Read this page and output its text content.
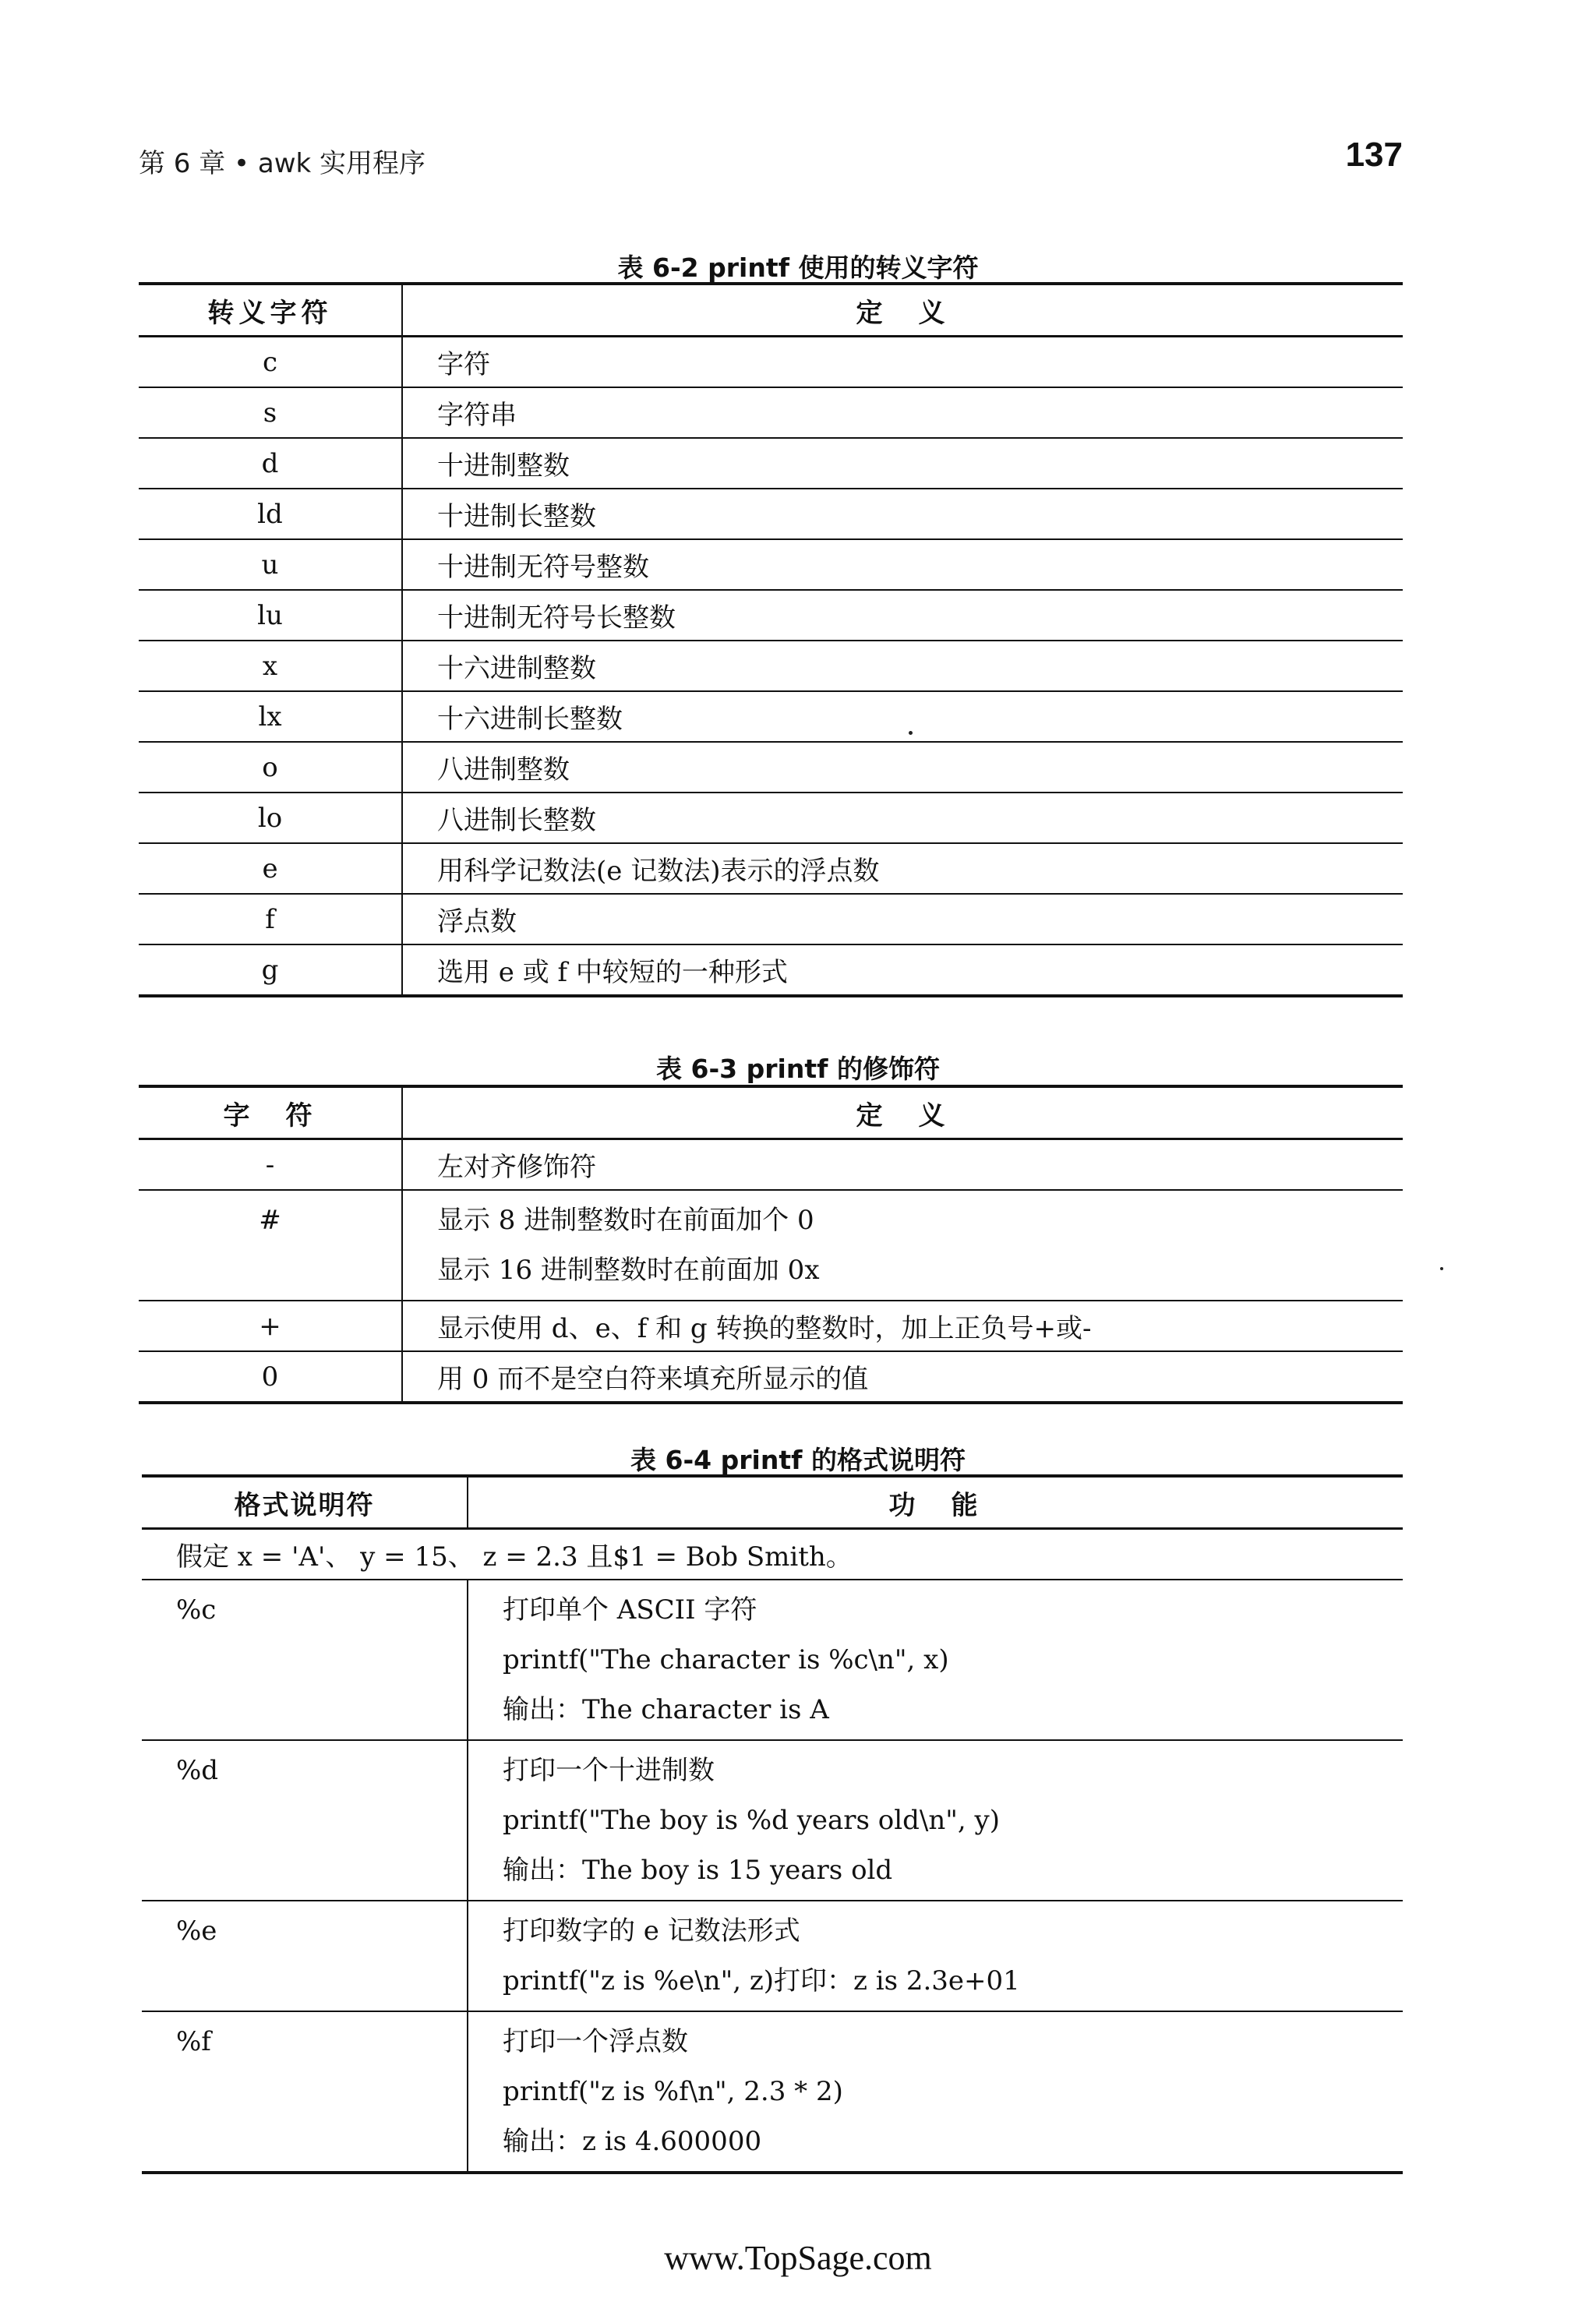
第 6 章 • awk 实用程序	137
表 6-2 printf 使用的转义字符
转义字符	定　义
c	字符
s	字符串
d	十进制整数
ld	十进制长整数
u	十进制无符号整数
lu	十进制无符号长整数
x	十六进制整数
lx	十六进制长整数
o	八进制整数
lo	八进制长整数
e	用科学记数法(e 记数法)表示的浮点数
f	浮点数
g	选用 e 或 f 中较短的一种形式
表 6-3 printf 的修饰符
字　符	定　义
-	左对齐修饰符
#	显示 8 进制整数时在前面加个 0
显示 16 进制整数时在前面加 0x

+	显示使用 d、e、f 和 g 转换的整数时，加上正负号+或-
0	用 0 而不是空白符来填充所显示的值
表 6-4 printf 的格式说明符
格式说明符	功　能
假定 x = 'A'、 y = 15、 z = 2.3 且$1 = Bob Smith。	
%c	打印单个 ASCII 字符
printf("The character is %c\n", x)
输出：The character is A

%d	打印一个十进制数
printf("The boy is %d years old\n", y)
输出：The boy is 15 years old

%e	打印数字的 e 记数法形式
printf("z is %e\n", z)打印：z is 2.3e+01

%f	打印一个浮点数
printf("z is %f\n", 2.3 * 2)
输出：z is 4.600000
www.TopSage.com
